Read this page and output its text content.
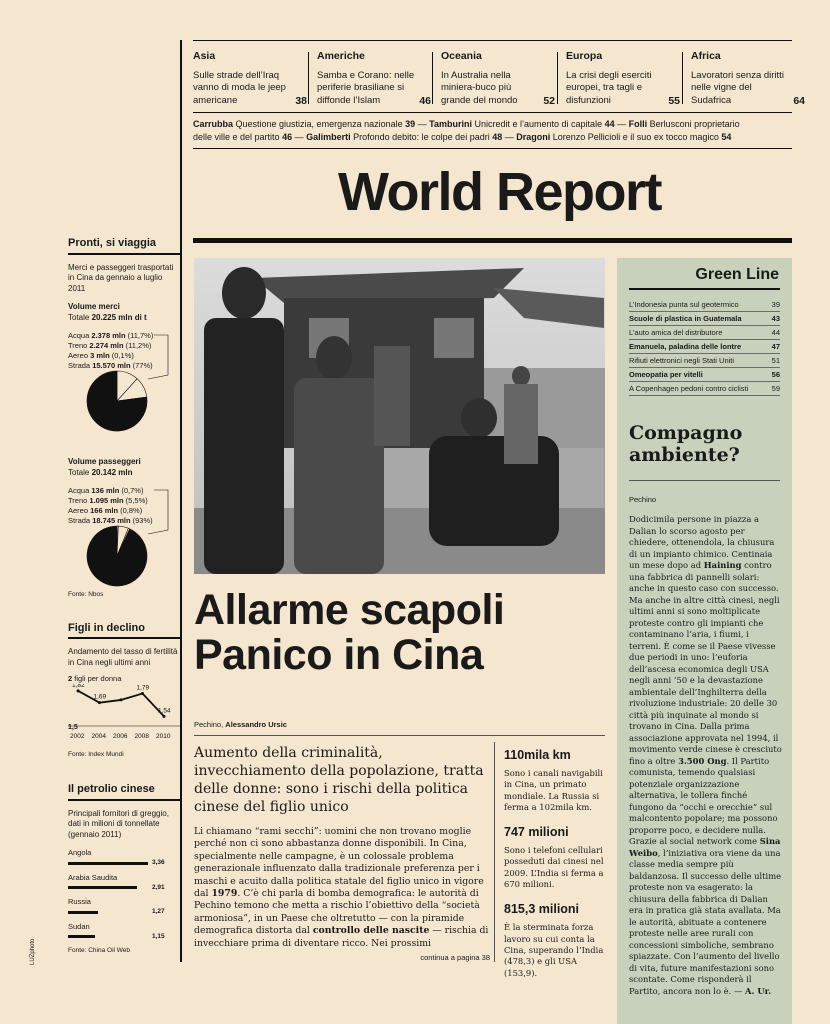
Asia
Sulle strade dell’Iraq vanno di moda le jeep americane	38
Americhe
Samba e Corano: nelle periferie brasiliane si diffonde l’Islam	46
Oceania
In Australia nella miniera-buco più grande del mondo 52
Europa
La crisi degli eserciti europei, tra tagli e disfunzioni	55
Africa
Lavoratori senza diritti nelle vigne del Sudafrica	64
Carrubba Questione giustizia, emergenza nazionale 39 — Tamburini Unicredit e l’aumento di capitale 44 — Folli Berlusconi proprietario
delle ville e del partito 46 — Galimberti Profondo debito: le colpe dei padri 48 — Dragoni Lorenzo Pellicioli e il suo ex tocco magico 54
World Report
Pronti, si viaggia
Merci e passeggeri trasportati in Cina da gennaio a luglio 2011
Volume merci
Totale 20.225 mln di t
Acqua 2.378 mln (11,7%)
Treno 2.274 mln (11,2%)
Aereo 3 mln (0,1%)
Strada 15.570 mln (77%)
Volume passeggeri
Totale 20.142 mln
Acqua 136 mln (0,7%)
Treno 1.095 mln (5,5%)
Aereo 166 mln (0,8%)
Strada 18.745 mln (93%)
Fonte: Nbos
Figli in declino
Andamento del tasso di fertilità in Cina negli ultimi anni
2 figli per donna
1,5
1,82
2002
1,69
2004 2006
1,79
2008
1,54
2010
Fonte: Index Mundi
Il petrolio cinese
Principali fornitori di greggio, dati in milioni di tonnellate (gennaio 2011)
Angola
3,36
Arabia Saudita
2,91
Russia
1,27
Sudan
1,15
Fonte: China Oil Web
LUZphoto
Allarme scapoli
Panico in Cina
Pechino, Alessandro Ursic
Aumento della criminalità, invecchiamento della popolazione, tratta delle donne: sono i rischi della politica cinese del figlio unico
Li chiamano “rami secchi”: uomini che non trovano moglie perché non ci sono abbastanza donne disponibili. In Cina, specialmente nelle campagne, è un colossale problema generazionale influenzato dalla tradizionale preferenza per i maschi e acuito dalla politica statale del figlio unico in vigore dal 1979. C’è chi parla di bomba demografica: le autorità di Pechino temono che metta a rischio l’obiettivo della “società armoniosa”, in un Paese che oltretutto — con la piramide demografica distorta dal controllo delle nascite — rischia di invecchiare prima di diventare ricco. Nei prossimi
continua a pagina 38
110mila km
Sono i canali navigabili in Cina, un primato mondiale. La Russia si ferma a 102mila km.
747 milioni
Sono i telefoni cellulari posseduti dai cinesi nel 2009. L’India si ferma a 670 milioni.
815,3 milioni
È la sterminata forza lavoro su cui conta la Cina, superando l’India (478,3) e gli USA (153,9).
Green Line
L’Indonesia punta sul geotermico	39
Scuole di plastica in Guatemala	43
L’auto amica del distributore	44
Emanuela, paladina delle lontre	47
Rifiuti elettronici negli Stati Uniti	51
Omeopatia per vitelli	56
A Copenhagen pedoni contro ciclisti	59
Compagno ambiente?
Pechino
Dodicimila persone in piazza a Dalian lo scorso agosto per chiedere, ottenendola, la chiusura di un impianto chimico. Centinaia un mese dopo ad Haining contro una fabbrica di pannelli solari: anche in questo caso con successo. Ma anche in altre città cinesi, negli ultimi anni si sono moltiplicate proteste contro gli impianti che contaminano l’aria, i fiumi, i terreni. È come se il Paese vivesse due periodi in uno: l’euforia dell’ascesa economica degli USA negli anni ’50 e la devastazione ambientale dell’Inghilterra della rivoluzione industriale: 20 delle 30 città più inquinate al mondo si trovano in Cina. Dalla prima associazione approvata nel 1994, il movimento verde cinese è cresciuto fino a oltre 3.500 Ong. Il Partito comunista, temendo qualsiasi potenziale organizzazione alternativa, le tollera finché fungono da “occhi e orecchie” sul malcontento popolare; ma possono proporre poco, e decidere nulla. Grazie al social network come Sina Weibo, l’iniziativa ora viene da una classe media sempre più baldanzosa. Il successo delle ultime proteste non va esagerato: la chiusura della fabbrica di Dalian era in pratica già stata avallata. Ma le autorità, abituate a contenere proteste nelle aree rurali con concessioni simboliche, sembrano spiazzate. Con l’aumento del livello di vita, future manifestazioni sono scontate. Come risponderà il Partito, ancora non lo è. — A. Ur.
